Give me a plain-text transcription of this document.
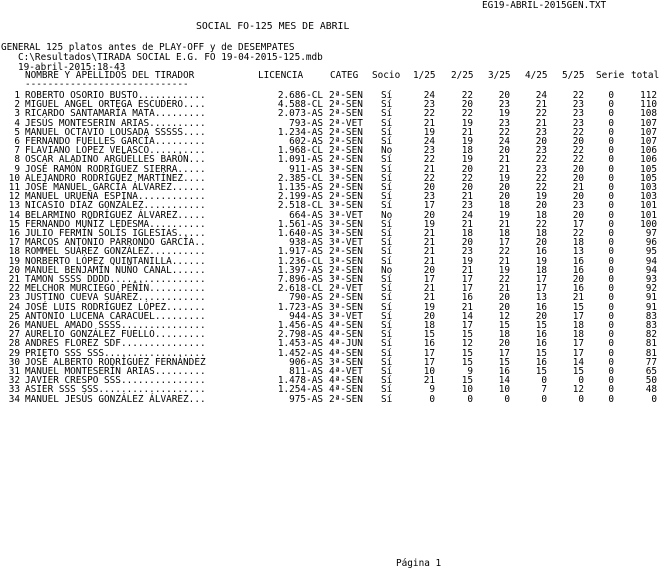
EG19-ABRIL-2015GEN.TXT
SOCIAL FO-125 MES DE ABRIL
GENERAL 125 platos antes de PLAY-OFF y de DESEMPATES
C:\Resultados\TIRADA SOCIAL E.G. FO 19-04-2015-125.mdb
19-abril-2015:18-43
NOMBRE Y APELLIDOS DEL TIRADOR	LICENCIA	CATEG Socio 1/25 2/25 3/25 4/25 5/25 Serie total
-----------------------------
1 ROBERTO OSORIO BUSTO............	2.686-CL 2ª-SEN	Sí	24	22	20	24	22	0	112
2 MIGUEL ANGEL ORTEGA ESCUDERO....	4.588-CL 2ª-SEN	Sí	23	20	23	21	23	0	110
3 RICARDO SANTAMARÍA MATA.........	2.073-AS 2ª-SEN	Sí	22	22	19	22	23	0	108
4 JESÚS MONTESERIN ARIAS..........	793-AS 2ª-VET	Sí	21	19	23	21	23	0	107
5 MANUEL OCTAVIO LOUSADA SSSSS....	1.234-AS 2ª-SEN	Sí	19	21	22	23	22	0	107
6 FERNANDO FUELLES GARCÍA.........	602-AS 2ª-SEN	Sí	24	19	24	20	20	0	107
7 FLAVIANO LÓPEZ VELASCO..........	1.968-CL 2ª-SEN	No	23	18	20	23	22	0	106
8 OSCAR ALADINO ARGÜELLES BARÓN...	1.091-AS 2ª-SEN	Sí	22	19	21	22	22	0	106
9 JOSÉ RAMÓN RODRÍGUEZ SIERRA.....	911-AS 3ª-SEN	Sí	21	20	21	23	20	0	105
10 ALEJANDRO RODRÍGUEZ MARTÍNEZ....	2.385-CL 3ª-SEN	Sí	22	22	19	22	20	0	105
11 JOSÉ MANUEL GARCÍA ÁLVAREZ......	1.135-AS 2ª-SEN	Sí	20	20	20	22	21	0	103
12 MANUEL URUEÑA ESPINA............	2.199-AS 2ª-SEN	Sí	23	21	20	19	20	0	103
13 NICASIO DÍAZ GONZÁLEZ...........	2.518-CL 3ª-SEN	Sí	17	23	18	20	23	0	101
14 BELARMINO RODRÍGUEZ ÁLVAREZ.....	664-AS 3ª-VET	No	20	24	19	18	20	0	101
15 FERNANDO MUÑIZ LEDESMA..........	1.561-AS 3ª-SEN	Sí	19	21	21	22	17	0	100
16 JULIO FERMÍN SOLÍS IGLESIAS.....	1.640-AS 3ª-SEN	Sí	21	18	18	18	22	0	97
17 MARCOS ANTONIO PARRONDO GARCÍA..	938-AS 3ª-VET	Sí	21	20	17	20	18	0	96
18 ROMMEL SUÁREZ GONZÁLEZ..........	1.917-AS 2ª-SEN	Sí	21	23	22	16	13	0	95
19 NORBERTO LÓPEZ QUINTANILLA......	1.236-CL 3ª-SEN	Sí	21	19	21	19	16	0	94
20 MANUEL BENJAMÍN NUÑO CANAL......	1.397-AS 2ª-SEN	No	20	21	19	18	16	0	94
21 TAMON SSSS DDDD.................	7.896-AS 3ª-SEN	Sí	17	17	22	17	20	0	93
22 MELCHOR MURCIEGO PEÑÍN..........	2.618-CL 2ª-VET	Sí	21	17	21	17	16	0	92
23 JUSTINO CUEVA SUÁREZ............	790-AS 2ª-SEN	Sí	21	16	20	13	21	0	91
24 JOSÉ LUIS RODRÍGUEZ LÓPEZ.......	1.723-AS 3ª-SEN	Sí	19	21	20	16	15	0	91
25 ANTONIO LUCENA CARACUEL.........	944-AS 3ª-VET	Sí	20	14	12	20	17	0	83
26 MANUEL AMADO SSSS...............	1.456-AS 4ª-SEN	Sí	18	17	15	15	18	0	83
27 AURELIO GONZÁLEZ FUELLO.........	2.798-AS 4ª-SEN	Sí	15	15	18	16	18	0	82
28 ANDRES FLOREZ SDF...............	1.453-AS 4ª-JUN	Sí	16	12	20	16	17	0	81
29 PRIETO SSS SSS..................	1.452-AS 4ª-SEN	Sí	17	15	17	15	17	0	81
30 JOSÉ ALBERTO RODRÍGUEZ FERNÁNDEZ	906-AS 3ª-SEN	Sí	17	15	15	16	14	0	77
31 MANUEL MONTESERÍN ARIAS.........	811-AS 4ª-VET	Sí	10	9	16	15	15	0	65
32 JAVIER CRESPO SSS...............	1.478-AS 4ª-SEN	Sí	21	15	14	0	0	0	50
33 ASIER SSS SSS...................	1.254-AS 4ª-SEN	Sí	9	10	10	7	12	0	48
34 MANUEL JESÚS GONZÁLEZ ÁLVAREZ...	975-AS 2ª-SEN	Sí	0	0	0	0	0	0	0
Página 1
